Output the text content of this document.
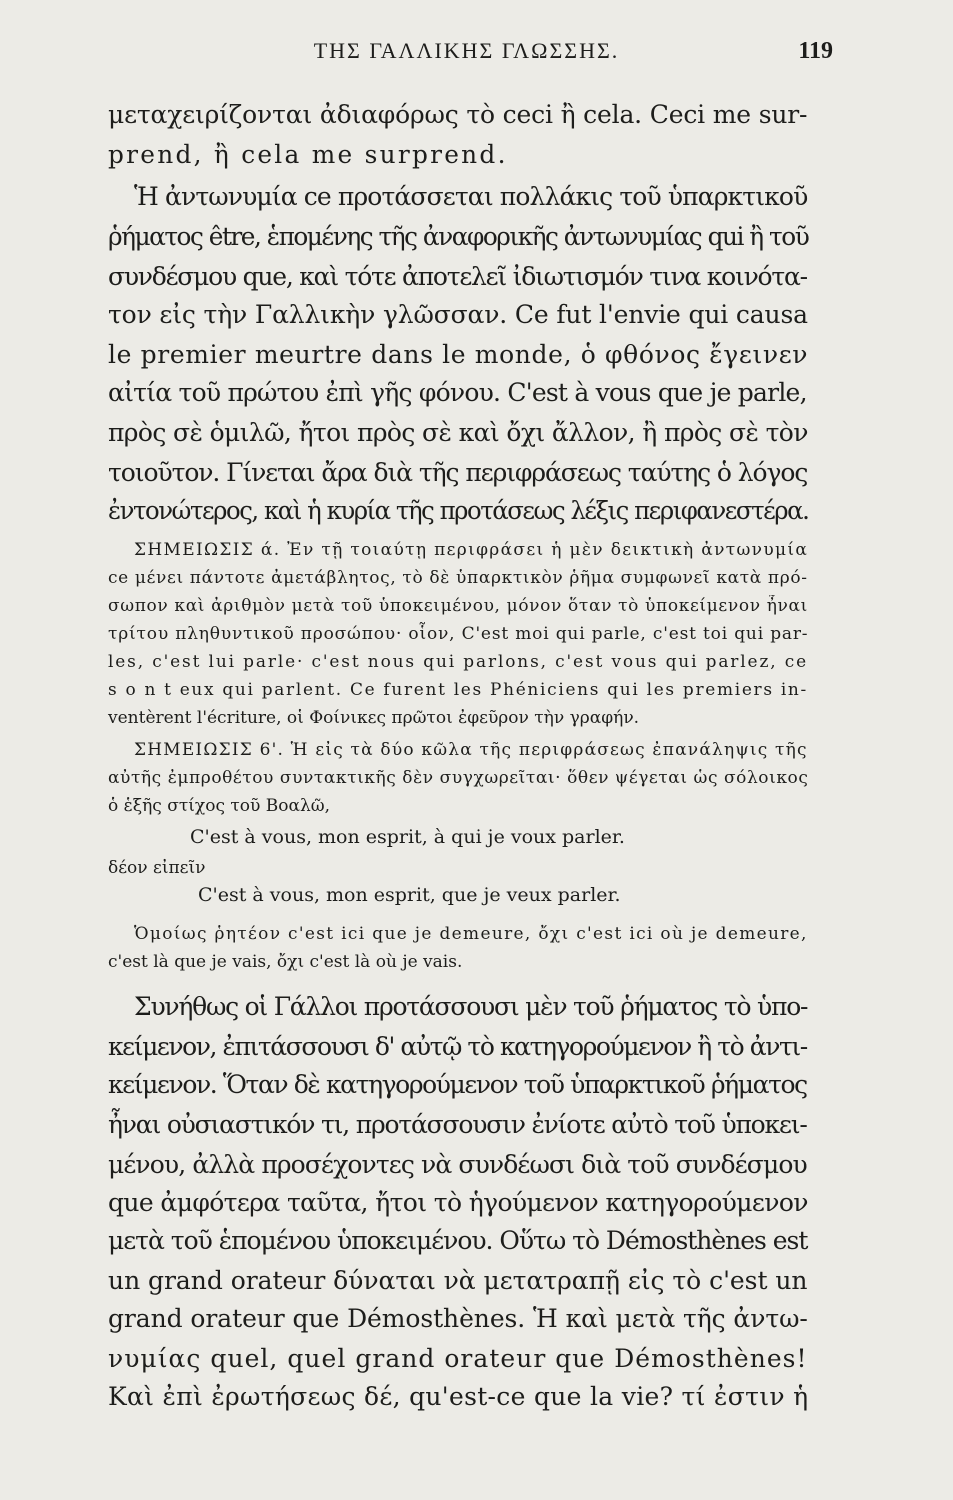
ΤΗΣ ΓΑΛΛΙΚΗΣ ΓΛΩΣΣΗΣ.	119
μεταχειρίζονται ἀδιαφόρως τὸ ceci ἢ cela. Ceci me sur-
prend, ἢ cela me surprend.
Ἡ ἀντωνυμία ce προτάσσεται πολλάκις τοῦ ὑπαρκτικοῦ
ῥήματος être, ἑπομένης τῆς ἀναφορικῆς ἀντωνυμίας qui ἢ τοῦ
συνδέσμου que, καὶ τότε ἀποτελεῖ ἰδιωτισμόν τινα κοινότα-
τον εἰς τὴν Γαλλικὴν γλῶσσαν. Ce fut l'envie qui causa
le premier meurtre dans le monde, ὁ φθόνος ἔγεινεν
αἰτία τοῦ πρώτου ἐπὶ γῆς φόνου. C'est à vous que je parle,
πρὸς σὲ ὁμιλῶ, ἤτοι πρὸς σὲ καὶ ὄχι ἄλλον, ἢ πρὸς σὲ τὸν
τοιοῦτον. Γίνεται ἄρα διὰ τῆς περιφράσεως ταύτης ὁ λόγος
ἐντονώτερος, καὶ ἡ κυρία τῆς προτάσεως λέξις περιφανεστέρα.
ΣΗΜΕΙΩΣΙΣ ά. Ἐν τῇ τοιαύτῃ περιφράσει ἡ μὲν δεικτικὴ ἀντωνυμία
ce μένει πάντοτε ἀμετάβλητος, τὸ δὲ ὑπαρκτικὸν ῥῆμα συμφωνεῖ κατὰ πρό-
σωπον καὶ ἀριθμὸν μετὰ τοῦ ὑποκειμένου, μόνον ὅταν τὸ ὑποκείμενον ἦναι
τρίτου πληθυντικοῦ προσώπου· οἷον, C'est moi qui parle, c'est toi qui par-
les, c'est lui parle· c'est nous qui parlons, c'est vous qui parlez, ce
s o n t eux qui parlent. Ce furent les Phéniciens qui les premiers in-
ventèrent l'écriture, οἱ Φοίνικες πρῶτοι ἐφεῦρον τὴν γραφήν.
ΣΗΜΕΙΩΣΙΣ 6'. Ἡ εἰς τὰ δύο κῶλα τῆς περιφράσεως ἐπανάληψις τῆς
αὐτῆς ἐμπροθέτου συντακτικῆς δὲν συγχωρεῖται· ὅθεν ψέγεται ὡς σόλοικος
ὁ ἑξῆς στίχος τοῦ Βοαλῶ,
C'est à vous, mon esprit, à qui je voux parler.
δέον εἰπεῖν
C'est à vous, mon esprit, que je veux parler.
Ὁμοίως ῥητέον c'est ici que je demeure, ὄχι c'est ici où je demeure,
c'est là que je vais, ὄχι c'est là où je vais.
Συνήθως οἱ Γάλλοι προτάσσουσι μὲν τοῦ ῥήματος τὸ ὑπο-
κείμενον, ἐπιτάσσουσι δ' αὐτῷ τὸ κατηγορούμενον ἢ τὸ ἀντι-
κείμενον. Ὅταν δὲ κατηγορούμενον τοῦ ὑπαρκτικοῦ ῥήματος
ἦναι οὐσιαστικόν τι, προτάσσουσιν ἐνίοτε αὐτὸ τοῦ ὑποκει-
μένου, ἀλλὰ προσέχοντες νὰ συνδέωσι διὰ τοῦ συνδέσμου
que ἀμφότερα ταῦτα, ἤτοι τὸ ἡγούμενον κατηγορούμενον
μετὰ τοῦ ἑπομένου ὑποκειμένου. Οὕτω τὸ Démosthènes est
un grand orateur δύναται νὰ μετατραπῇ εἰς τὸ c'est un
grand orateur que Démosthènes. Ἡ καὶ μετὰ τῆς ἀντω-
νυμίας quel, quel grand orateur que Démosthènes!
Καὶ ἐπὶ ἐρωτήσεως δέ, qu'est-ce que la vie? τί ἐστιν ἡ
